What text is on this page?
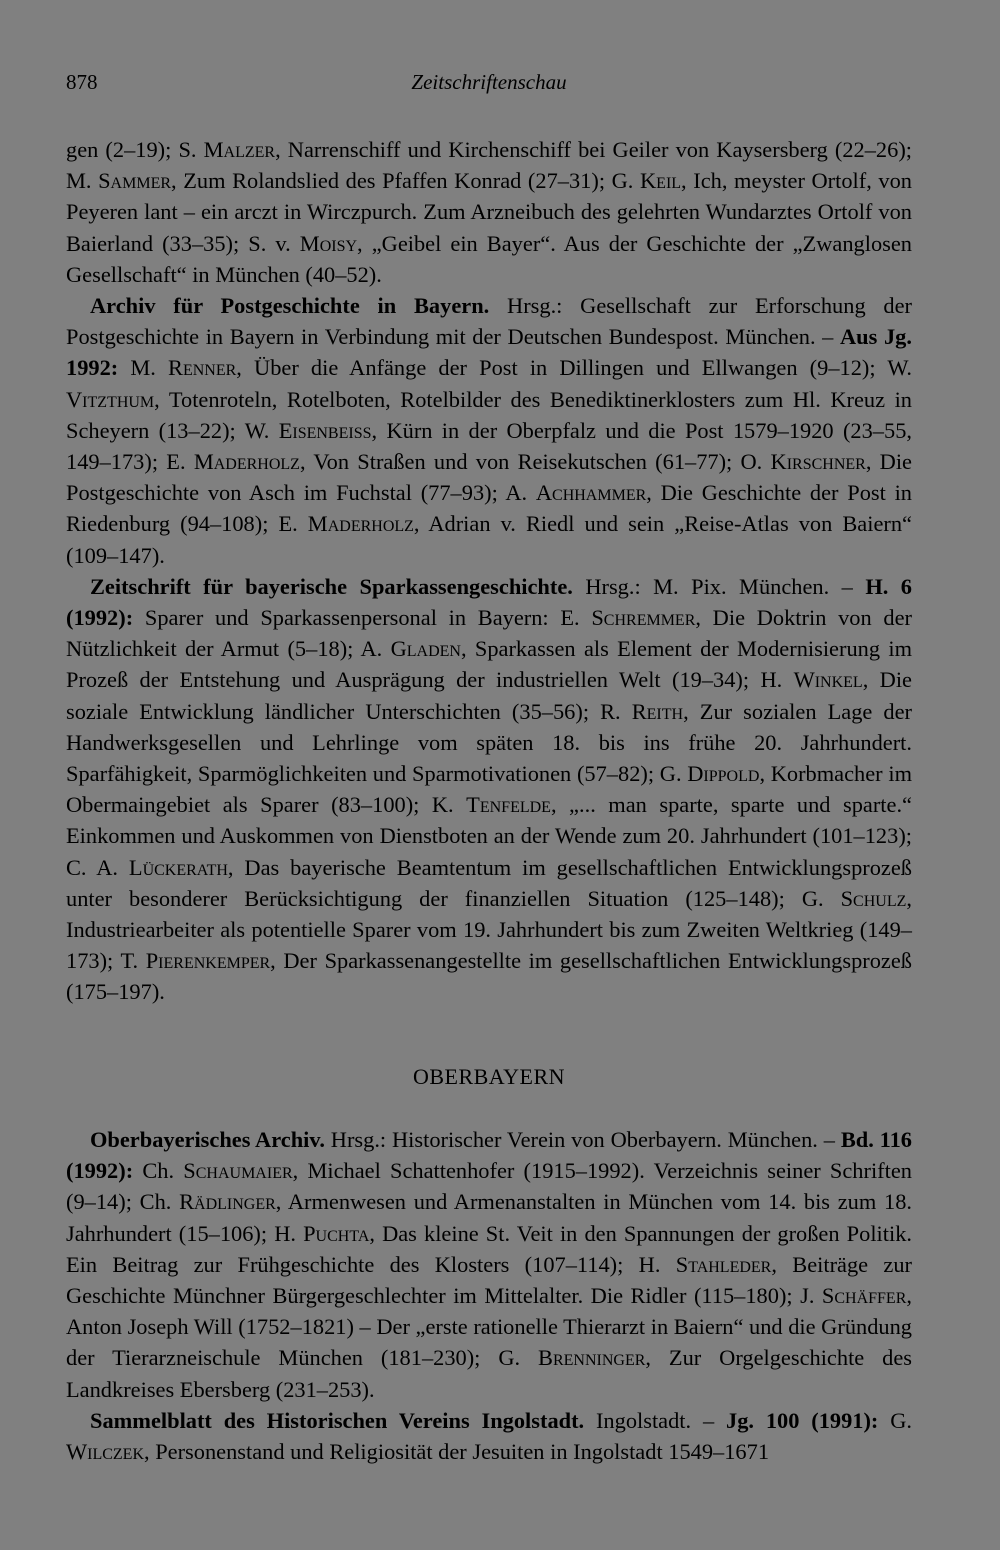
878	Zeitschriftenschau

gen (2–19); S. Malzer, Narrenschiff und Kirchenschiff bei Geiler von Kaysersberg (22–26); M. Sammer, Zum Rolandslied des Pfaffen Konrad (27–31); G. Keil, Ich, meyster Ortolf, von Peyeren lant – ein arczt in Wirczpurch. Zum Arzneibuch des gelehrten Wundarztes Ortolf von Baierland (33–35); S. v. Moisy, „Geibel ein Bayer“. Aus der Geschichte der „Zwanglosen Gesellschaft“ in München (40–52).

Archiv für Postgeschichte in Bayern. Hrsg.: Gesellschaft zur Erforschung der Postgeschichte in Bayern in Verbindung mit der Deutschen Bundespost. München. – Aus Jg. 1992: M. Renner, Über die Anfänge der Post in Dillingen und Ellwangen (9–12); W. Vitzthum, Totenroteln, Rotelboten, Rotelbilder des Benediktinerklosters zum Hl. Kreuz in Scheyern (13–22); W. Eisenbeiss, Kürn in der Oberpfalz und die Post 1579–1920 (23–55, 149–173); E. Maderholz, Von Straßen und von Reisekutschen (61–77); O. Kirschner, Die Postgeschichte von Asch im Fuchstal (77–93); A. Achhammer, Die Geschichte der Post in Riedenburg (94–108); E. Maderholz, Adrian v. Riedl und sein „Reise-Atlas von Baiern“ (109–147).

Zeitschrift für bayerische Sparkassengeschichte. Hrsg.: M. Pix. München. – H. 6 (1992): Sparer und Sparkassenpersonal in Bayern: E. Schremmer, Die Doktrin von der Nützlichkeit der Armut (5–18); A. Gladen, Sparkassen als Element der Modernisierung im Prozeß der Entstehung und Ausprägung der industriellen Welt (19–34); H. Winkel, Die soziale Entwicklung ländlicher Unterschichten (35–56); R. Reith, Zur sozialen Lage der Handwerksgesellen und Lehrlinge vom späten 18. bis ins frühe 20. Jahrhundert. Sparfähigkeit, Sparmöglichkeiten und Sparmotivationen (57–82); G. Dippold, Korbmacher im Obermaingebiet als Sparer (83–100); K. Tenfelde, „... man sparte, sparte und sparte.“ Einkommen und Auskommen von Dienstboten an der Wende zum 20. Jahrhundert (101–123); C. A. Lückerath, Das bayerische Beamtentum im gesellschaftlichen Entwicklungsprozeß unter besonderer Berücksichtigung der finanziellen Situation (125–148); G. Schulz, Industriearbeiter als potentielle Sparer vom 19. Jahrhundert bis zum Zweiten Weltkrieg (149–173); T. Pierenkemper, Der Sparkassenangestellte im gesellschaftlichen Entwicklungsprozeß (175–197).

OBERBAYERN

Oberbayerisches Archiv. Hrsg.: Historischer Verein von Oberbayern. München. – Bd. 116 (1992): Ch. Schaumaier, Michael Schattenhofer (1915–1992). Verzeichnis seiner Schriften (9–14); Ch. Rädlinger, Armenwesen und Armenanstalten in München vom 14. bis zum 18. Jahrhundert (15–106); H. Puchta, Das kleine St. Veit in den Spannungen der großen Politik. Ein Beitrag zur Frühgeschichte des Klosters (107–114); H. Stahleder, Beiträge zur Geschichte Münchner Bürgergeschlechter im Mittelalter. Die Ridler (115–180); J. Schäffer, Anton Joseph Will (1752–1821) – Der „erste rationelle Thierarzt in Baiern“ und die Gründung der Tierarzneischule München (181–230); G. Brenninger, Zur Orgelgeschichte des Landkreises Ebersberg (231–253).

Sammelblatt des Historischen Vereins Ingolstadt. Ingolstadt. – Jg. 100 (1991): G. Wilczek, Personenstand und Religiosität der Jesuiten in Ingolstadt 1549–1671
